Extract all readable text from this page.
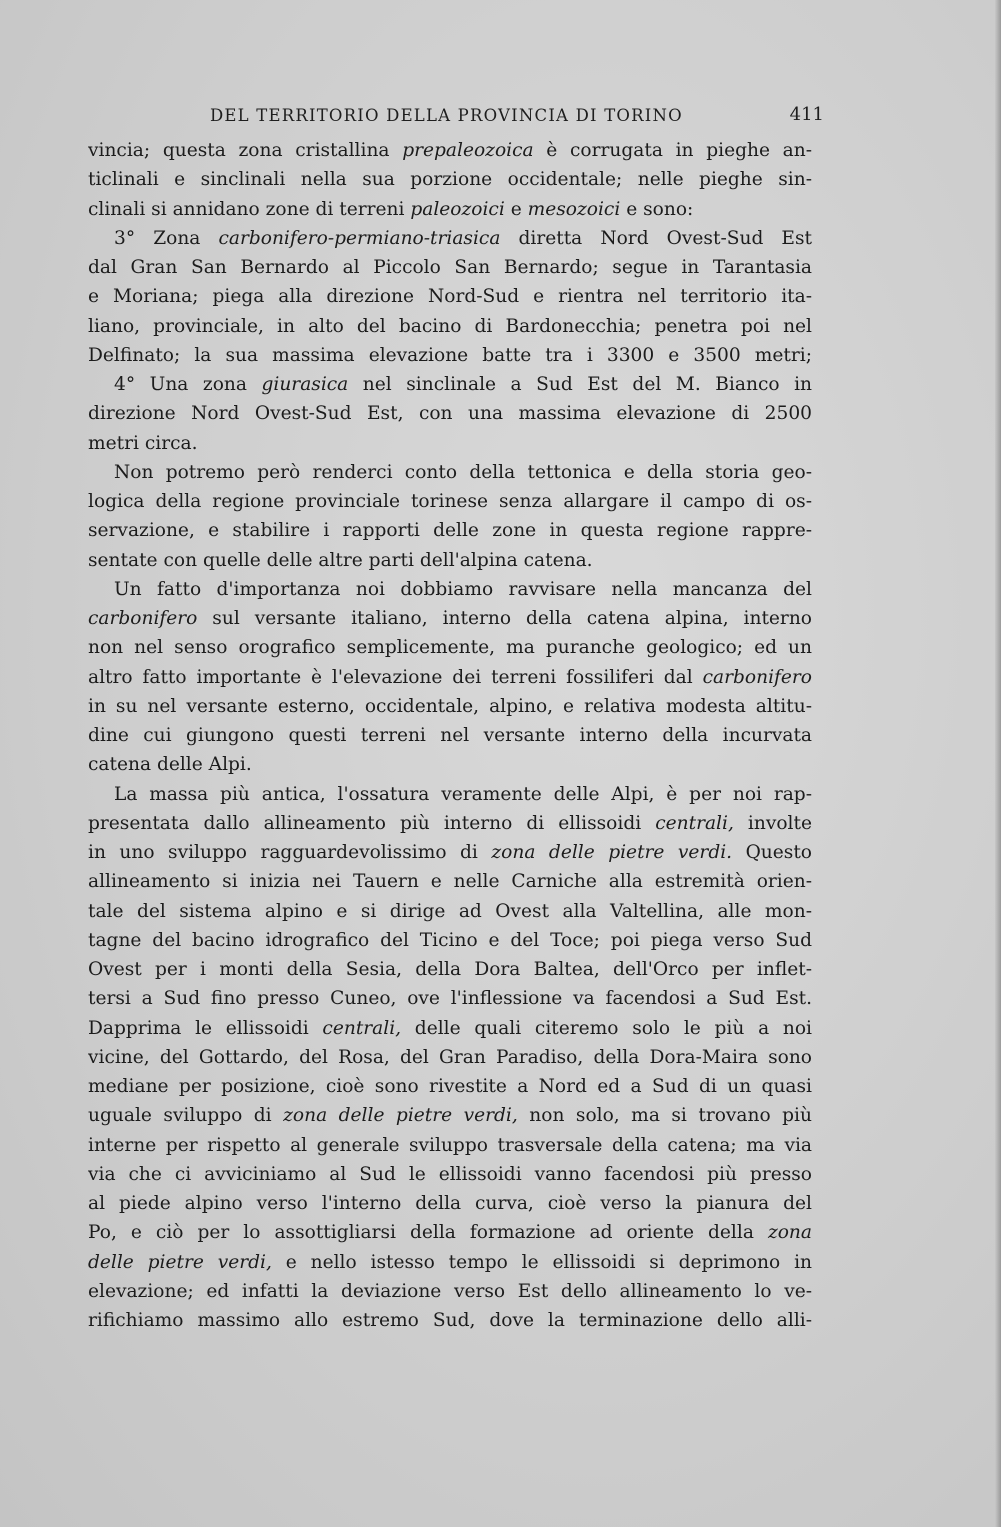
DEL TERRITORIO DELLA PROVINCIA DI TORINO	411
vincia; questa zona cristallina prepaleozoica è corrugata in pieghe an-
ticlinali e sinclinali nella sua porzione occidentale; nelle pieghe sin-
clinali si annidano zone di terreni paleozoici e mesozoici e sono:
3° Zona carbonifero-permiano-triasica diretta Nord Ovest-Sud Est
dal Gran San Bernardo al Piccolo San Bernardo; segue in Tarantasia
e Moriana; piega alla direzione Nord-Sud e rientra nel territorio ita-
liano, provinciale, in alto del bacino di Bardonecchia; penetra poi nel
Delfinato; la sua massima elevazione batte tra i 3300 e 3500 metri;
4° Una zona giurasica nel sinclinale a Sud Est del M. Bianco in
direzione Nord Ovest-Sud Est, con una massima elevazione di 2500
metri circa.
Non potremo però renderci conto della tettonica e della storia geo-
logica della regione provinciale torinese senza allargare il campo di os-
servazione, e stabilire i rapporti delle zone in questa regione rappre-
sentate con quelle delle altre parti dell'alpina catena.
Un fatto d'importanza noi dobbiamo ravvisare nella mancanza del
carbonifero sul versante italiano, interno della catena alpina, interno
non nel senso orografico semplicemente, ma puranche geologico; ed un
altro fatto importante è l'elevazione dei terreni fossiliferi dal carbonifero
in su nel versante esterno, occidentale, alpino, e relativa modesta altitu-
dine cui giungono questi terreni nel versante interno della incurvata
catena delle Alpi.
La massa più antica, l'ossatura veramente delle Alpi, è per noi rap-
presentata dallo allineamento più interno di ellissoidi centrali, involte
in uno sviluppo ragguardevolissimo di zona delle pietre verdi. Questo
allineamento si inizia nei Tauern e nelle Carniche alla estremità orien-
tale del sistema alpino e si dirige ad Ovest alla Valtellina, alle mon-
tagne del bacino idrografico del Ticino e del Toce; poi piega verso Sud
Ovest per i monti della Sesia, della Dora Baltea, dell'Orco per inflet-
tersi a Sud fino presso Cuneo, ove l'inflessione va facendosi a Sud Est.
Dapprima le ellissoidi centrali, delle quali citeremo solo le più a noi
vicine, del Gottardo, del Rosa, del Gran Paradiso, della Dora-Maira sono
mediane per posizione, cioè sono rivestite a Nord ed a Sud di un quasi
uguale sviluppo di zona delle pietre verdi, non solo, ma si trovano più
interne per rispetto al generale sviluppo trasversale della catena; ma via
via che ci avviciniamo al Sud le ellissoidi vanno facendosi più presso
al piede alpino verso l'interno della curva, cioè verso la pianura del
Po, e ciò per lo assottigliarsi della formazione ad oriente della zona
delle pietre verdi, e nello istesso tempo le ellissoidi si deprimono in
elevazione; ed infatti la deviazione verso Est dello allineamento lo ve-
rifichiamo massimo allo estremo Sud, dove la terminazione dello alli-
